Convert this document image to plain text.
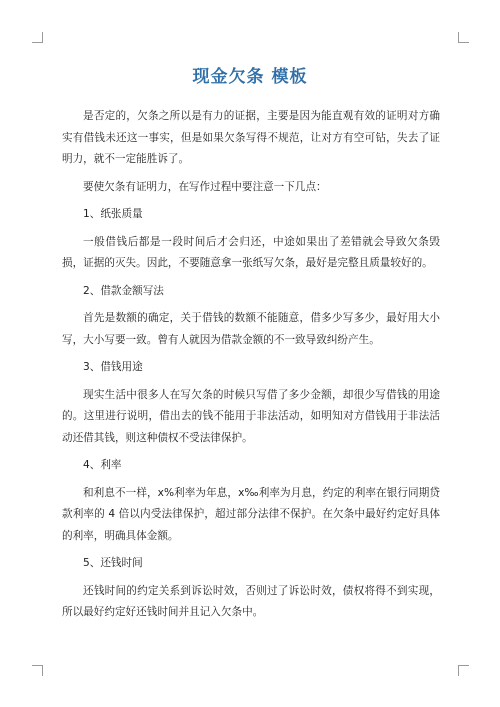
现金欠条 模板

是否定的，欠条之所以是有力的证据，主要是因为能直观有效的证明对方确实有借钱未还这一事实，但是如果欠条写得不规范，让对方有空可钻，失去了证明力，就不一定能胜诉了。

要使欠条有证明力，在写作过程中要注意一下几点：

1、纸张质量

一般借钱后都是一段时间后才会归还，中途如果出了差错就会导致欠条毁损，证据的灭失。因此，不要随意拿一张纸写欠条，最好是完整且质量较好的。

2、借款金额写法

首先是数额的确定，关于借钱的数额不能随意，借多少写多少，最好用大小写，大小写要一致。曾有人就因为借款金额的不一致导致纠纷产生。

3、借钱用途

现实生活中很多人在写欠条的时候只写借了多少金额，却很少写借钱的用途的。这里进行说明，借出去的钱不能用于非法活动，如明知对方借钱用于非法活动还借其钱，则这种债权不受法律保护。

4、利率

和利息不一样，x%利率为年息，x‰利率为月息，约定的利率在银行同期贷款利率的 4 倍以内受法律保护，超过部分法律不保护。在欠条中最好约定好具体的利率，明确具体金额。

5、还钱时间

还钱时间的约定关系到诉讼时效，否则过了诉讼时效，债权将得不到实现，所以最好约定好还钱时间并且记入欠条中。
